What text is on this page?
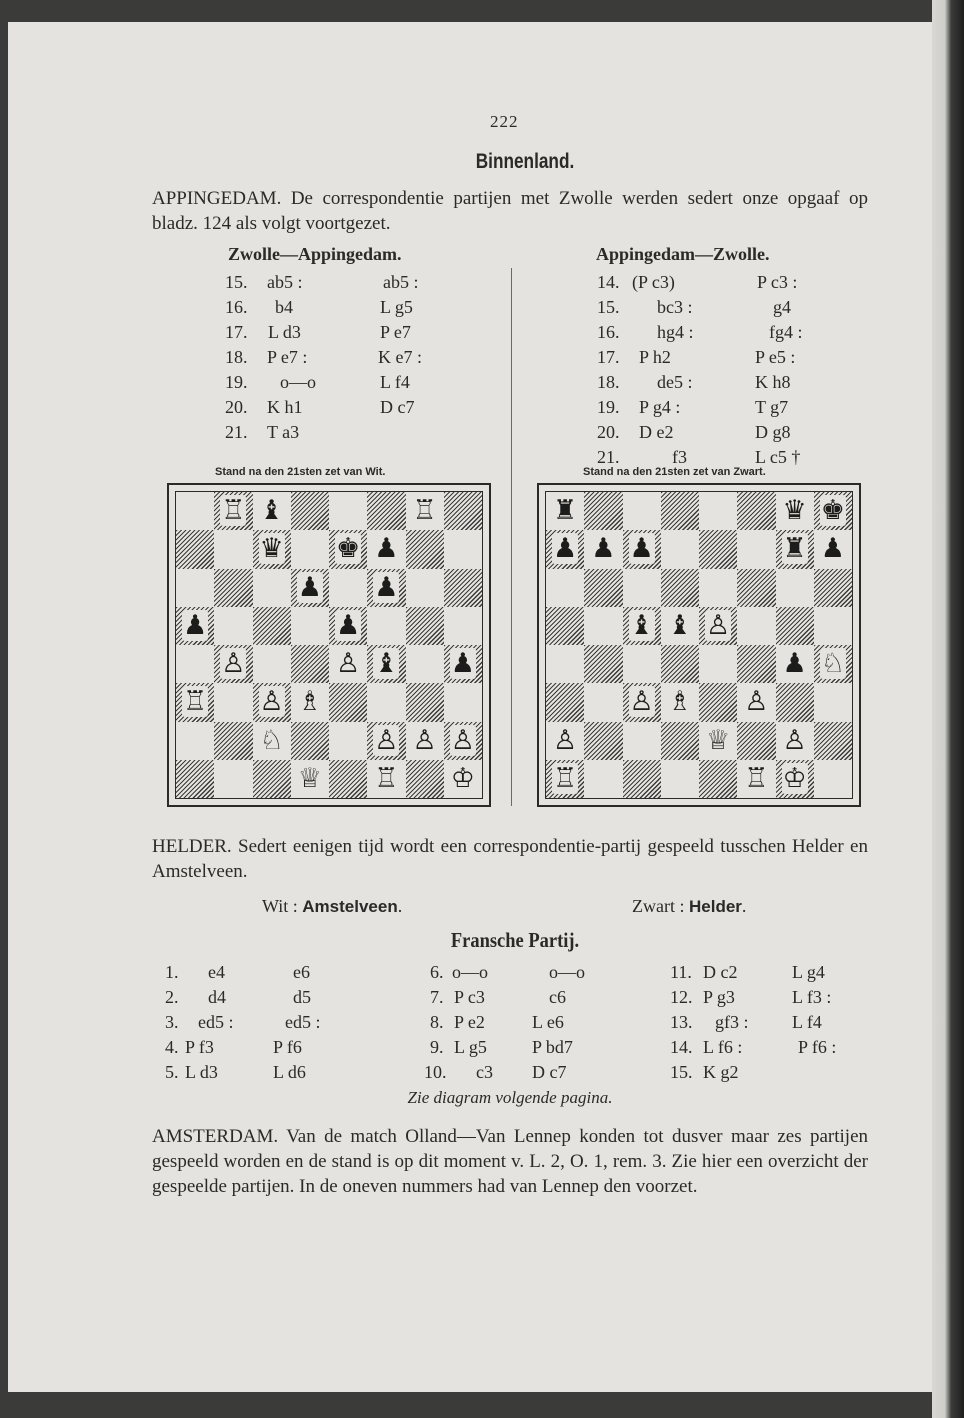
222
Binnenland.
APPINGEDAM. De correspondentie partijen met Zwolle werden sedert onze opgaaf op bladz. 124 als volgt voortgezet.
Zwolle—Appingedam.
15. ab5 :	ab5 :
16. b4	L g5
17. L d3	P e7
18. P e7 :	K e7 :
19. o—o	L f4
20. K h1	D c7
21. T a3
Appingedam—Zwolle.
14. (P c3)	P c3 :
15. bc3 :	g4
16. hg4 :	fg4 :
17. P h2	P e5 :
18. de5 :	K h8
19. P g4 :	T g7
20. D e2	D g8
21.	f3	L c5 †
Stand na den 21sten zet van Wit.	Stand na den 21sten zet van Zwart.
♖ ♝	♖
♛ ♚ ♟
♟ ♟
♟	♟
♙	♙ ♝ ♟
♖ ♙ ♗
♘	♙ ♙ ♙
♕ ♖ ♔
♜	♛ ♚
♟ ♟ ♟	♜ ♟
♝ ♝ ♙
♟ ♘
♙ ♗ ♙
♙	♕ ♙
♖	♖ ♔
HELDER. Sedert eenigen tijd wordt een correspondentie-partij gespeeld tusschen Helder en Amstelveen.
Wit : Amstelveen.	Zwart : Helder.
Fransche Partij.
1. e4	e6
2. d4	d5
3. ed5 :	ed5 :
4. P f3	P f6
5. L d3	L d6
6. o—o	o—o
7. P c3	c6
8. P e2	L e6
9. L g5	P bd7
10. c3 D c7
11. D c2	L g4
12. P g3	L f3 :
13. gf3 : L f4
14. L f6 :	P f6 :
15. K g2
Zie diagram volgende pagina.
AMSTERDAM. Van de match Olland—Van Lennep konden tot dusver maar zes partijen gespeeld worden en de stand is op dit moment v. L. 2, O. 1, rem. 3. Zie hier een overzicht der gespeelde partijen. In de oneven nummers had van Lennep den voorzet.
